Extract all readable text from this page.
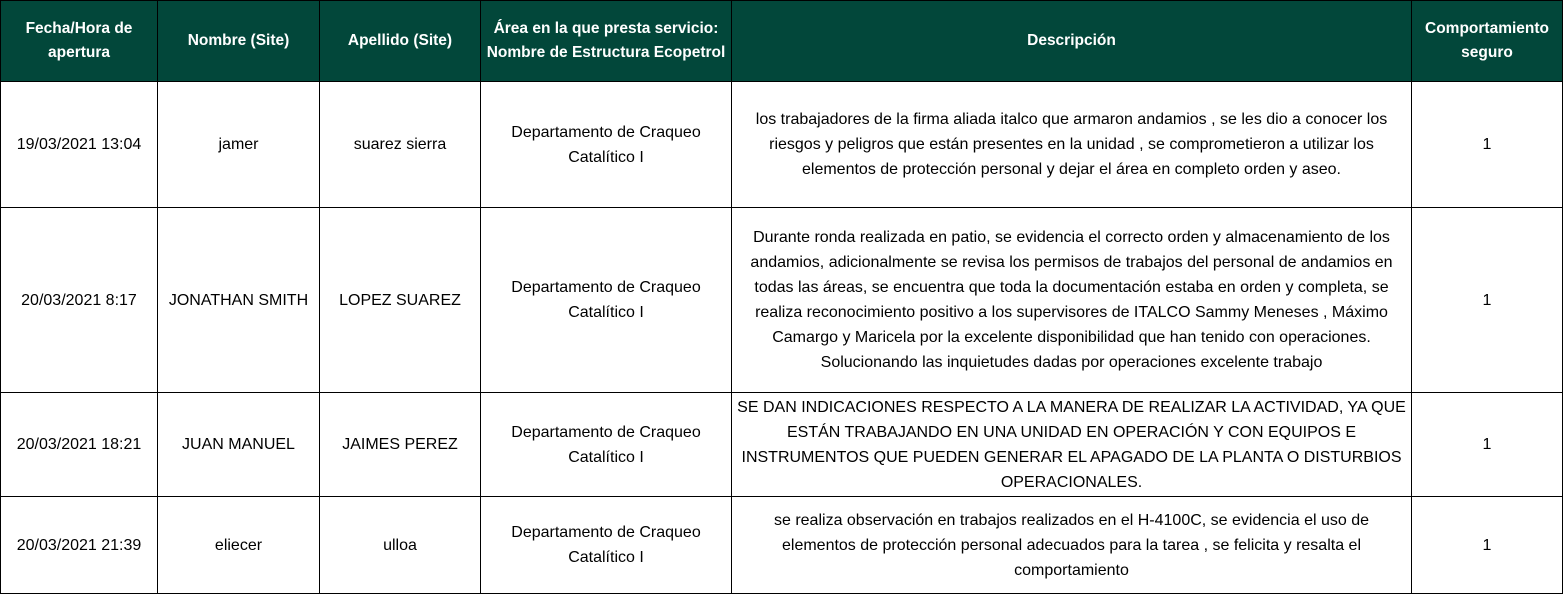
Fecha/Hora de apertura	Nombre (Site)	Apellido (Site)	Área en la que presta servicio: Nombre de Estructura Ecopetrol	Descripción	Comportamiento seguro
19/03/2021 13:04	jamer	suarez sierra	Departamento de Craqueo Catalítico I	los trabajadores de la firma aliada italco que armaron andamios , se les dio a conocer los riesgos y peligros que están presentes en la unidad , se comprometieron a utilizar los elementos de protección personal y dejar el área en completo orden y aseo.	1
20/03/2021 8:17	JONATHAN SMITH	LOPEZ SUAREZ	Departamento de Craqueo Catalítico I	Durante ronda realizada en patio, se evidencia el correcto orden y almacenamiento de los andamios, adicionalmente se revisa los permisos de trabajos del personal de andamios en todas las áreas, se encuentra que toda la documentación estaba en orden y completa, se realiza reconocimiento positivo a los supervisores de ITALCO Sammy Meneses , Máximo Camargo y Maricela por la excelente disponibilidad que han tenido con operaciones. Solucionando las inquietudes dadas por operaciones excelente trabajo	1
20/03/2021 18:21	JUAN MANUEL	JAIMES PEREZ	Departamento de Craqueo Catalítico I	SE DAN INDICACIONES RESPECTO A LA MANERA DE REALIZAR LA ACTIVIDAD, YA QUE ESTÁN TRABAJANDO EN UNA UNIDAD EN OPERACIÓN Y CON EQUIPOS E INSTRUMENTOS QUE PUEDEN GENERAR EL APAGADO DE LA PLANTA O DISTURBIOS OPERACIONALES.	1
20/03/2021 21:39	eliecer	ulloa	Departamento de Craqueo Catalítico I	se realiza observación en trabajos realizados en el H-4100C, se evidencia el uso de elementos de protección personal adecuados para la tarea , se felicita y resalta el comportamiento	1
